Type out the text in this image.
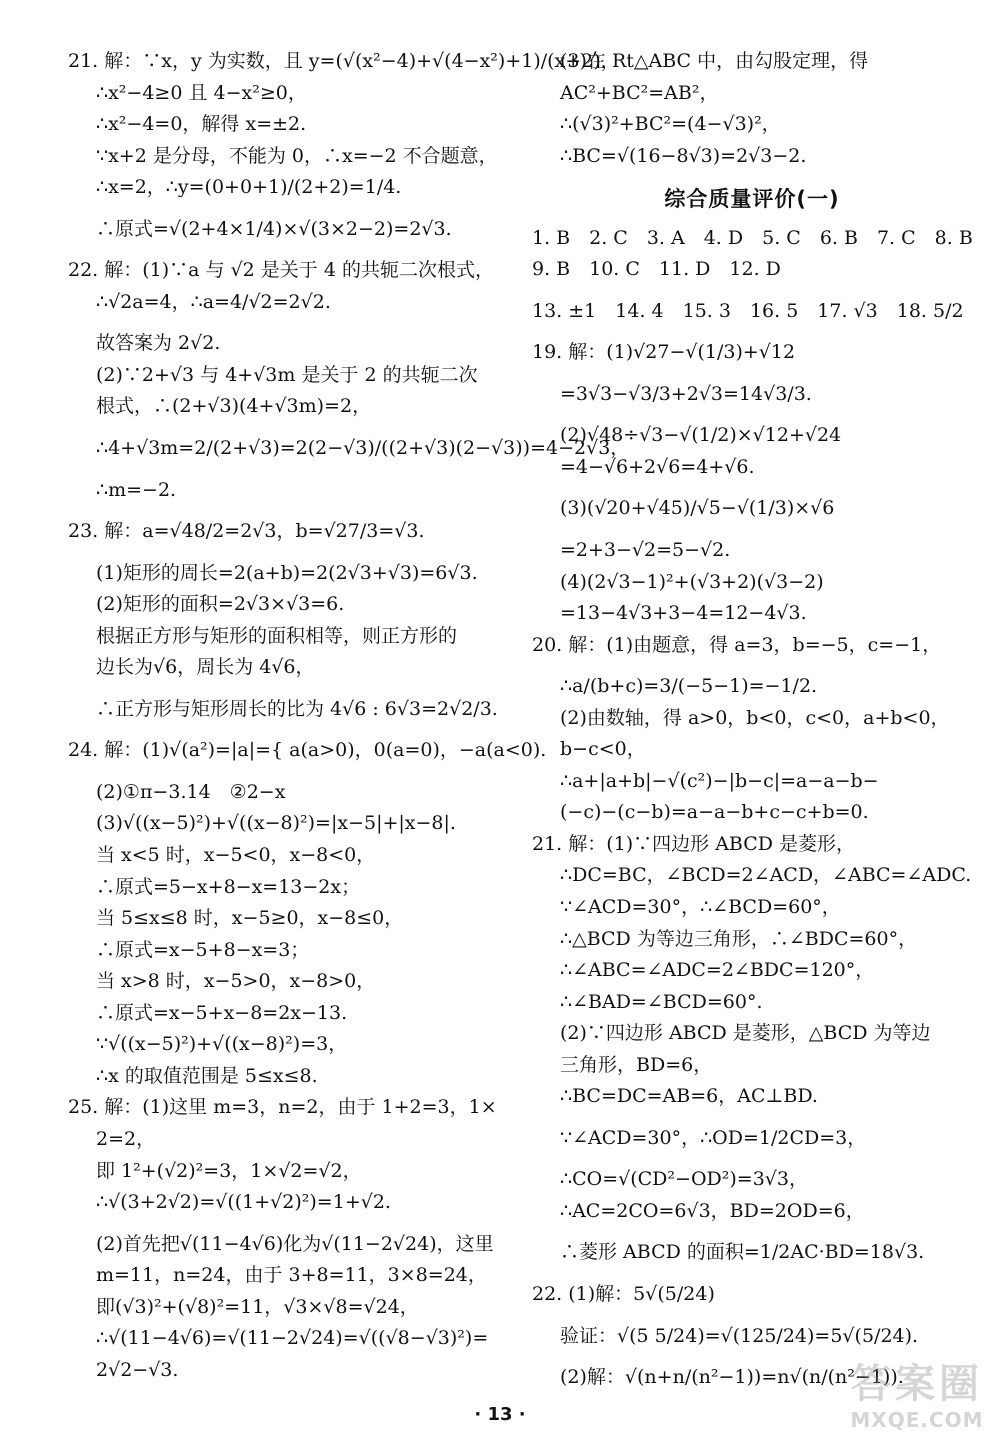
21. 解：∵x，y 为实数，且 y=(√(x²−4)+√(4−x²)+1)/(x+2)，
∴x²−4≥0 且 4−x²≥0，
∴x²−4=0，解得 x=±2.
∵x+2 是分母，不能为 0，∴x=−2 不合题意，
∴x=2，∴y=(0+0+1)/(2+2)=1/4.
∴原式=√(2+4×1/4)×√(3×2−2)=2√3.
22. 解：(1)∵a 与 √2 是关于 4 的共轭二次根式，
∴√2a=4，∴a=4/√2=2√2.
故答案为 2√2.
(2)∵2+√3 与 4+√3m 是关于 2 的共轭二次
根式，∴(2+√3)(4+√3m)=2，
∴4+√3m=2/(2+√3)=2(2−√3)/((2+√3)(2−√3))=4−2√3，
∴m=−2.
23. 解：a=√48/2=2√3，b=√27/3=√3.
(1)矩形的周长=2(a+b)=2(2√3+√3)=6√3.
(2)矩形的面积=2√3×√3=6.
根据正方形与矩形的面积相等，则正方形的
边长为√6，周长为 4√6，
∴正方形与矩形周长的比为 4√6 : 6√3=2√2/3.
24. 解：(1)√(a²)=|a|={ a(a>0)，0(a=0)，−a(a<0).
(2)①π−3.14　②2−x
(3)√((x−5)²)+√((x−8)²)=|x−5|+|x−8|.
当 x<5 时，x−5<0，x−8<0，
∴原式=5−x+8−x=13−2x；
当 5≤x≤8 时，x−5≥0，x−8≤0，
∴原式=x−5+8−x=3；
当 x>8 时，x−5>0，x−8>0，
∴原式=x−5+x−8=2x−13.
∵√((x−5)²)+√((x−8)²)=3，
∴x 的取值范围是 5≤x≤8.
25. 解：(1)这里 m=3，n=2，由于 1+2=3，1×
2=2，
即 1²+(√2)²=3，1×√2=√2，
∴√(3+2√2)=√((1+√2)²)=1+√2.
(2)首先把√(11−4√6)化为√(11−2√24)，这里
m=11，n=24，由于 3+8=11，3×8=24，
即(√3)²+(√8)²=11，√3×√8=√24，
∴√(11−4√6)=√(11−2√24)=√((√8−√3)²)=
2√2−√3.
(3)在 Rt△ABC 中，由勾股定理，得
AC²+BC²=AB²，
∴(√3)²+BC²=(4−√3)²，
∴BC=√(16−8√3)=2√3−2.
综合质量评价(一)
1. B　2. C　3. A　4. D　5. C　6. B　7. C　8. B
9. B　10. C　11. D　12. D
13. ±1　14. 4　15. 3　16. 5　17. √3　18. 5/2
19. 解：(1)√27−√(1/3)+√12
=3√3−√3/3+2√3=14√3/3.
(2)√48÷√3−√(1/2)×√12+√24
=4−√6+2√6=4+√6.
(3)(√20+√45)/√5−√(1/3)×√6
=2+3−√2=5−√2.
(4)(2√3−1)²+(√3+2)(√3−2)
=13−4√3+3−4=12−4√3.
20. 解：(1)由题意，得 a=3，b=−5，c=−1，
∴a/(b+c)=3/(−5−1)=−1/2.
(2)由数轴，得 a>0，b<0，c<0，a+b<0，
b−c<0，
∴a+|a+b|−√(c²)−|b−c|=a−a−b−
(−c)−(c−b)=a−a−b+c−c+b=0.
21. 解：(1)∵四边形 ABCD 是菱形，
∴DC=BC，∠BCD=2∠ACD，∠ABC=∠ADC.
∵∠ACD=30°，∴∠BCD=60°，
∴△BCD 为等边三角形，∴∠BDC=60°，
∴∠ABC=∠ADC=2∠BDC=120°，
∴∠BAD=∠BCD=60°.
(2)∵四边形 ABCD 是菱形，△BCD 为等边
三角形，BD=6，
∴BC=DC=AB=6，AC⊥BD.
∵∠ACD=30°，∴OD=1/2CD=3，
∴CO=√(CD²−OD²)=3√3，
∴AC=2CO=6√3，BD=2OD=6，
∴菱形 ABCD 的面积=1/2AC·BD=18√3.
22. (1)解：5√(5/24)
验证：√(5 5/24)=√(125/24)=5√(5/24).
(2)解：√(n+n/(n²−1))=n√(n/(n²−1)).
· 13 ·
答案圈
MXQE.COM
